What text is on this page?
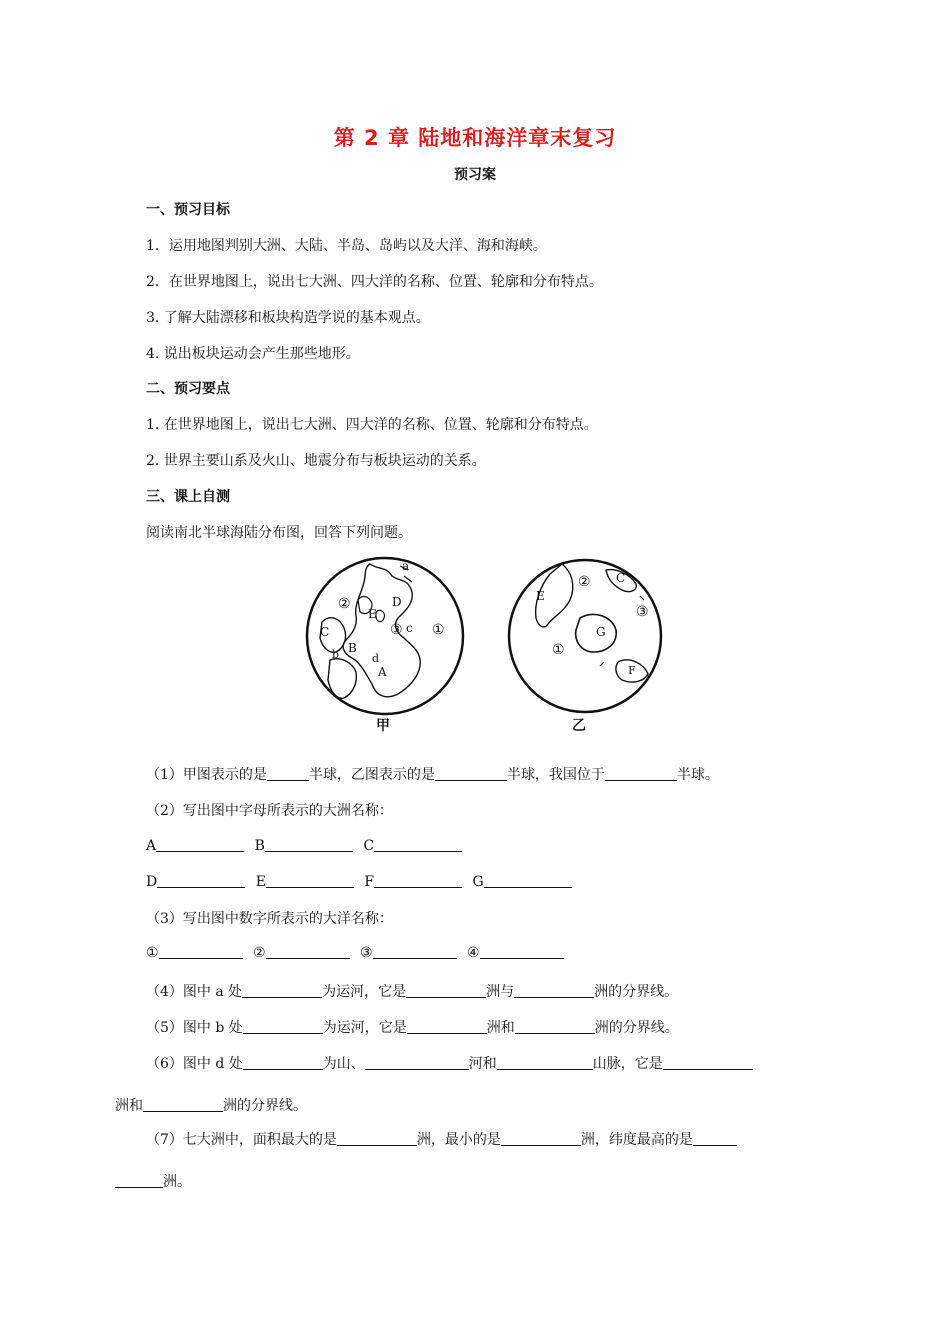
第 2 章 陆地和海洋章末复习
预习案
一、预习目标
1．运用地图判别大洲、大陆、半岛、岛屿以及大洋、海和海峡。
2．在世界地图上，说出七大洲、四大洋的名称、位置、轮廓和分布特点。
3. 了解大陆漂移和板块构造学说的基本观点。
4. 说出板块运动会产生那些地形。
二、预习要点
1. 在世界地图上，说出七大洲、四大洋的名称、位置、轮廓和分布特点。
2. 世界主要山系及火山、地震分布与板块运动的关系。
三、课上自测
阅读南北半球海陆分布图，回答下列问题。
a
②	D
③ c ①
E
C
B
b	d
A
甲
② C
E
③
G
①
F
乙
（1）甲图表示的是	半球，乙图表示的是	半球，我国位于	半球。
（2）写出图中字母所表示的大洲名称：
A	B	C
D	E	F	G
（3）写出图中数字所表示的大洋名称：
①	②	③	④
（4）图中 a 处	为运河，它是	洲与	洲的分界线。
（5）图中 b 处	为运河，它是	洲和	洲的分界线。
（6）图中 d 处	为山、	河和	山脉，它是
洲和	洲的分界线。
（7）七大洲中，面积最大的是	洲，最小的是	洲，纬度最高的是
洲。
